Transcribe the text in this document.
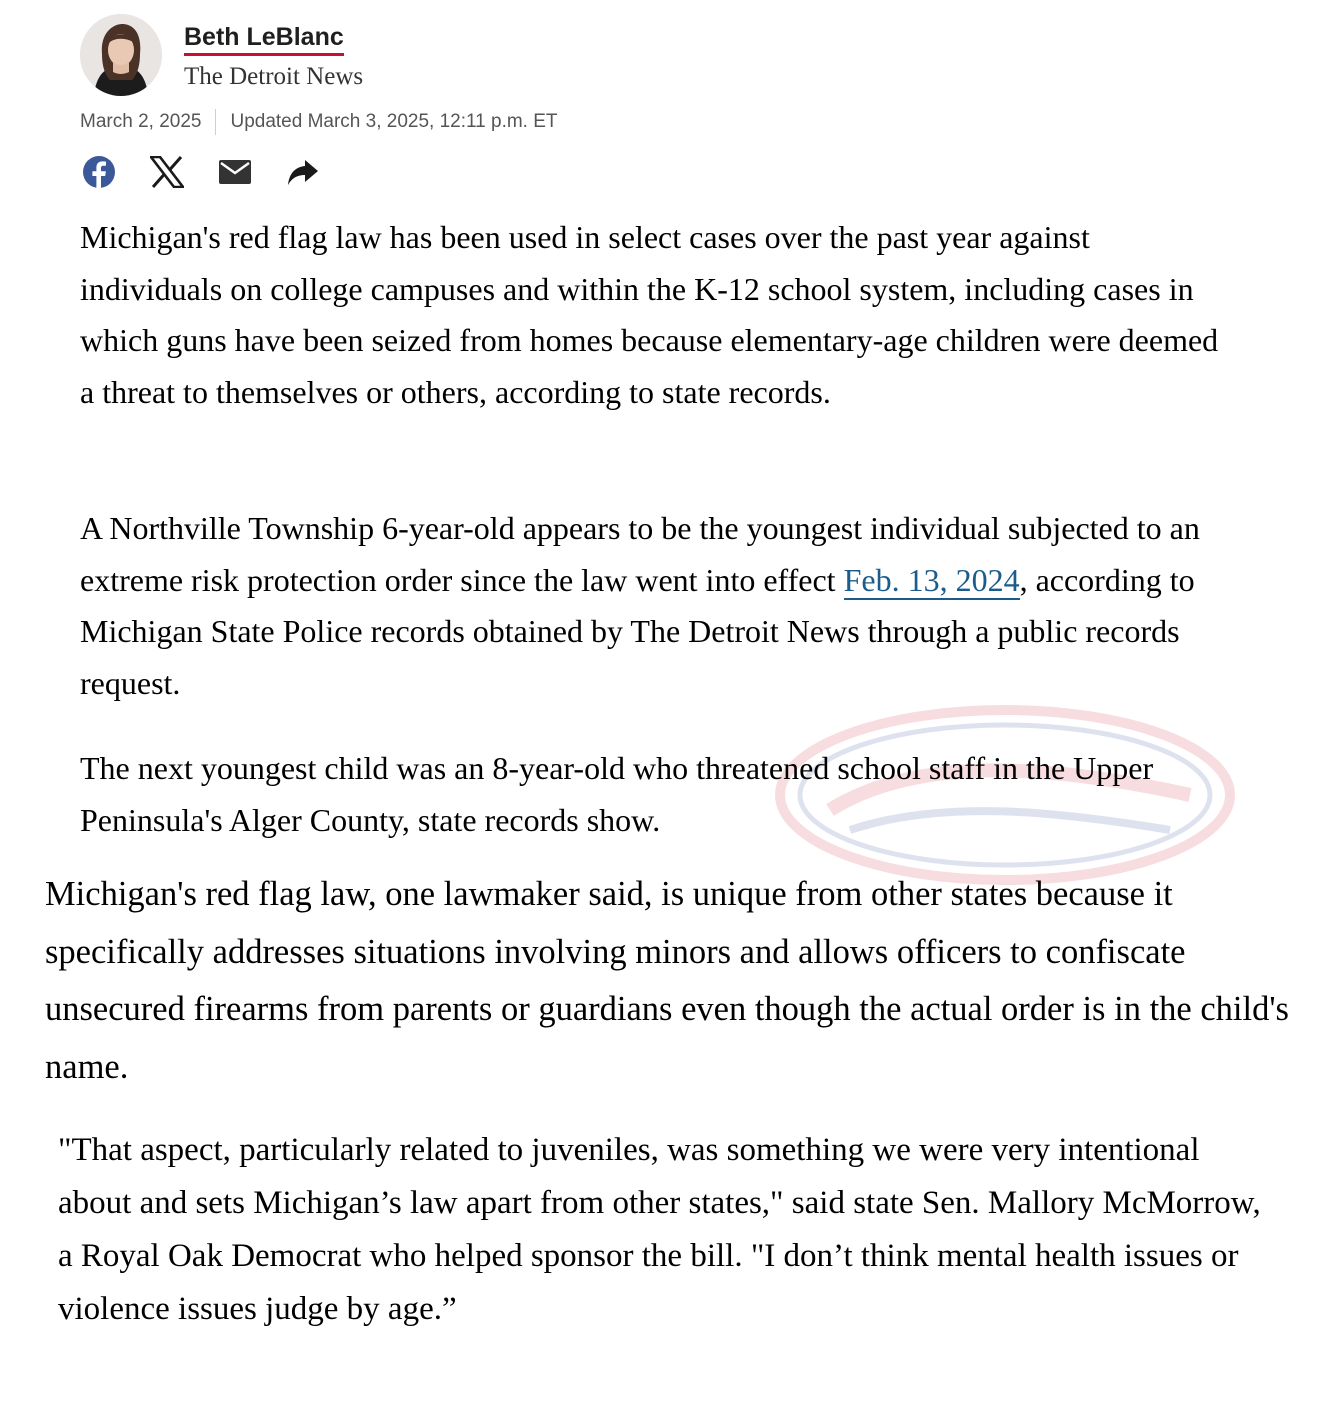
Beth LeBlanc
The Detroit News
March 2, 2025 Updated March 3, 2025, 12:11 p.m. ET

Michigan's red flag law has been used in select cases over the past year against individuals on college campuses and within the K-12 school system, including cases in which guns have been seized from homes because elementary-age children were deemed a threat to themselves or others, according to state records.

A Northville Township 6-year-old appears to be the youngest individual subjected to an extreme risk protection order since the law went into effect Feb. 13, 2024, according to Michigan State Police records obtained by The Detroit News through a public records request.

The next youngest child was an 8-year-old who threatened school staff in the Upper Peninsula's Alger County, state records show.

Michigan's red flag law, one lawmaker said, is unique from other states because it specifically addresses situations involving minors and allows officers to confiscate unsecured firearms from parents or guardians even though the actual order is in the child's name.

"That aspect, particularly related to juveniles, was something we were very intentional about and sets Michigan’s law apart from other states," said state Sen. Mallory McMorrow, a Royal Oak Democrat who helped sponsor the bill. "I don’t think mental health issues or violence issues judge by age.”
